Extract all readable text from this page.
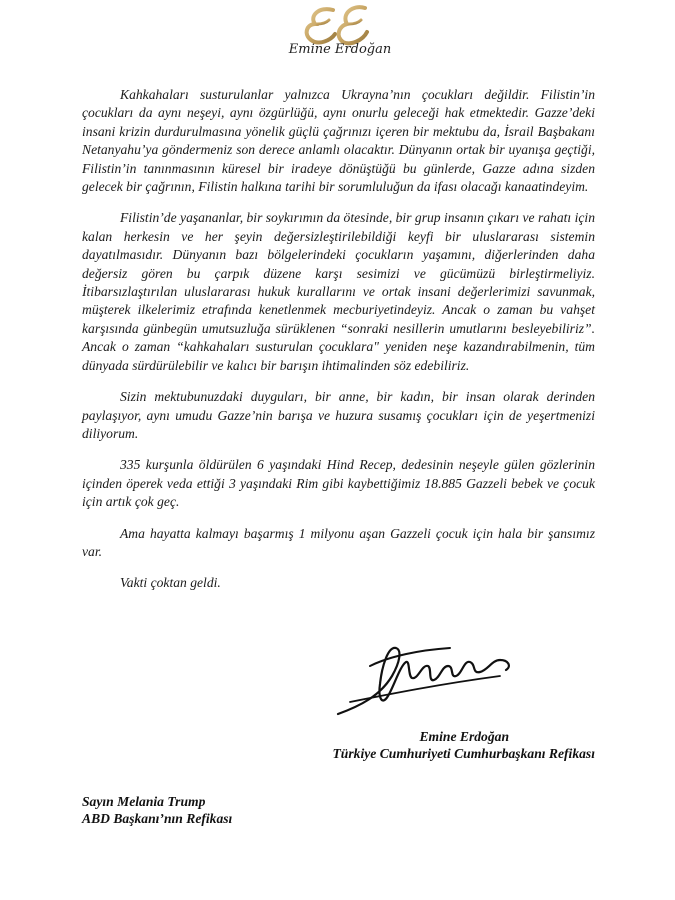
Emine Erdoğan

Kahkahaları susturulanlar yalnızca Ukrayna’nın çocukları değildir. Filistin’in çocukları da aynı neşeyi, aynı özgürlüğü, aynı onurlu geleceği hak etmektedir. Gazze’deki insani krizin durdurulmasına yönelik güçlü çağrınızı içeren bir mektubu da, İsrail Başbakanı Netanyahu’ya göndermeniz son derece anlamlı olacaktır. Dünyanın ortak bir uyanışa geçtiği, Filistin’in tanınmasının küresel bir iradeye dönüştüğü bu günlerde, Gazze adına sizden gelecek bir çağrının, Filistin halkına tarihi bir sorumluluğun da ifası olacağı kanaatindeyim.

Filistin’de yaşananlar, bir soykırımın da ötesinde, bir grup insanın çıkarı ve rahatı için kalan herkesin ve her şeyin değersizleştirilebildiği keyfi bir uluslararası sistemin dayatılmasıdır. Dünyanın bazı bölgelerindeki çocukların yaşamını, diğerlerinden daha değersiz gören bu çarpık düzene karşı sesimizi ve gücümüzü birleştirmeliyiz. İtibarsızlaştırılan uluslararası hukuk kurallarını ve ortak insani değerlerimizi savunmak, müşterek ilkelerimiz etrafında kenetlenmek mecburiyetindeyiz. Ancak o zaman bu vahşet karşısında günbegün umutsuzluğa sürüklenen “sonraki nesillerin umutlarını besleyebiliriz”. Ancak o zaman “kahkahaları susturulan çocuklara" yeniden neşe kazandırabilmenin, tüm dünyada sürdürülebilir ve kalıcı bir barışın ihtimalinden söz edebiliriz.

Sizin mektubunuzdaki duyguları, bir anne, bir kadın, bir insan olarak derinden paylaşıyor, aynı umudu Gazze’nin barışa ve huzura susamış çocukları için de yeşertmenizi diliyorum.

335 kurşunla öldürülen 6 yaşındaki Hind Recep, dedesinin neşeyle gülen gözlerinin içinden öperek veda ettiği 3 yaşındaki Rim gibi kaybettiğimiz 18.885 Gazzeli bebek ve çocuk için artık çok geç.

Ama hayatta kalmayı başarmış 1 milyonu aşan Gazzeli çocuk için hala bir şansımız var.

Vakti çoktan geldi.

Emine Erdoğan
Türkiye Cumhuriyeti Cumhurbaşkanı Refikası
Sayın Melania Trump
ABD Başkanı’nın Refikası
